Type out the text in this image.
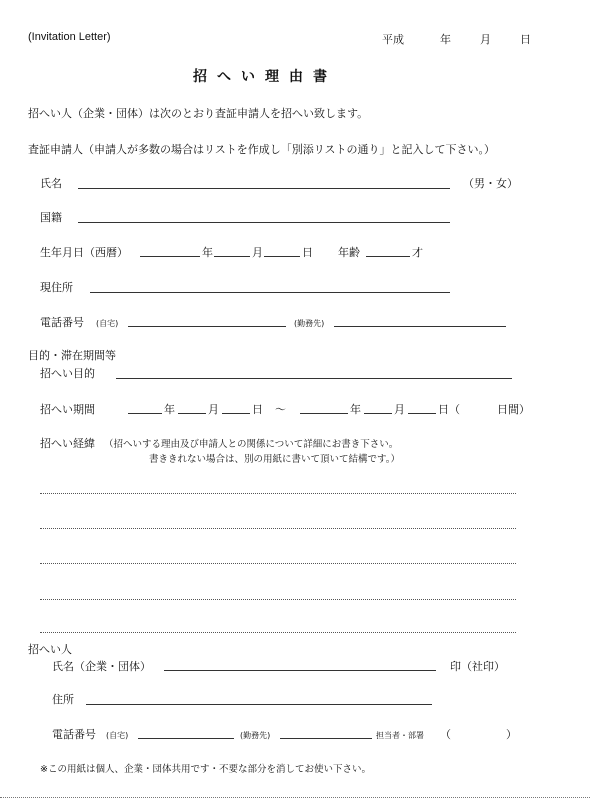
(Invitation Letter)	平成	年	月	日
招へい理由書
招へい人（企業・団体）は次のとおり査証申請人を招へい致します。
査証申請人（申請人が多数の場合はリストを作成し「別添リストの通り」と記入して下さい。）
氏名	（男・女）
国籍
生年月日（西暦）	年	月	日 年齢	才
現住所
電話番号 (自宅)	(勤務先)
目的・滞在期間等
招へい目的
招へい期間	年	月	日 ～	年	月	日（	日間）
招へい経緯 （招へいする理由及び申請人との関係について詳細にお書き下さい。
書ききれない場合は、別の用紙に書いて頂いて結構です。）
招へい人
氏名（企業・団体）	印（社印）
住所
電話番号 (自宅)	(勤務先)	担当者・部署 （	）
※この用紙は個人、企業・団体共用です・不要な部分を消してお使い下さい。
